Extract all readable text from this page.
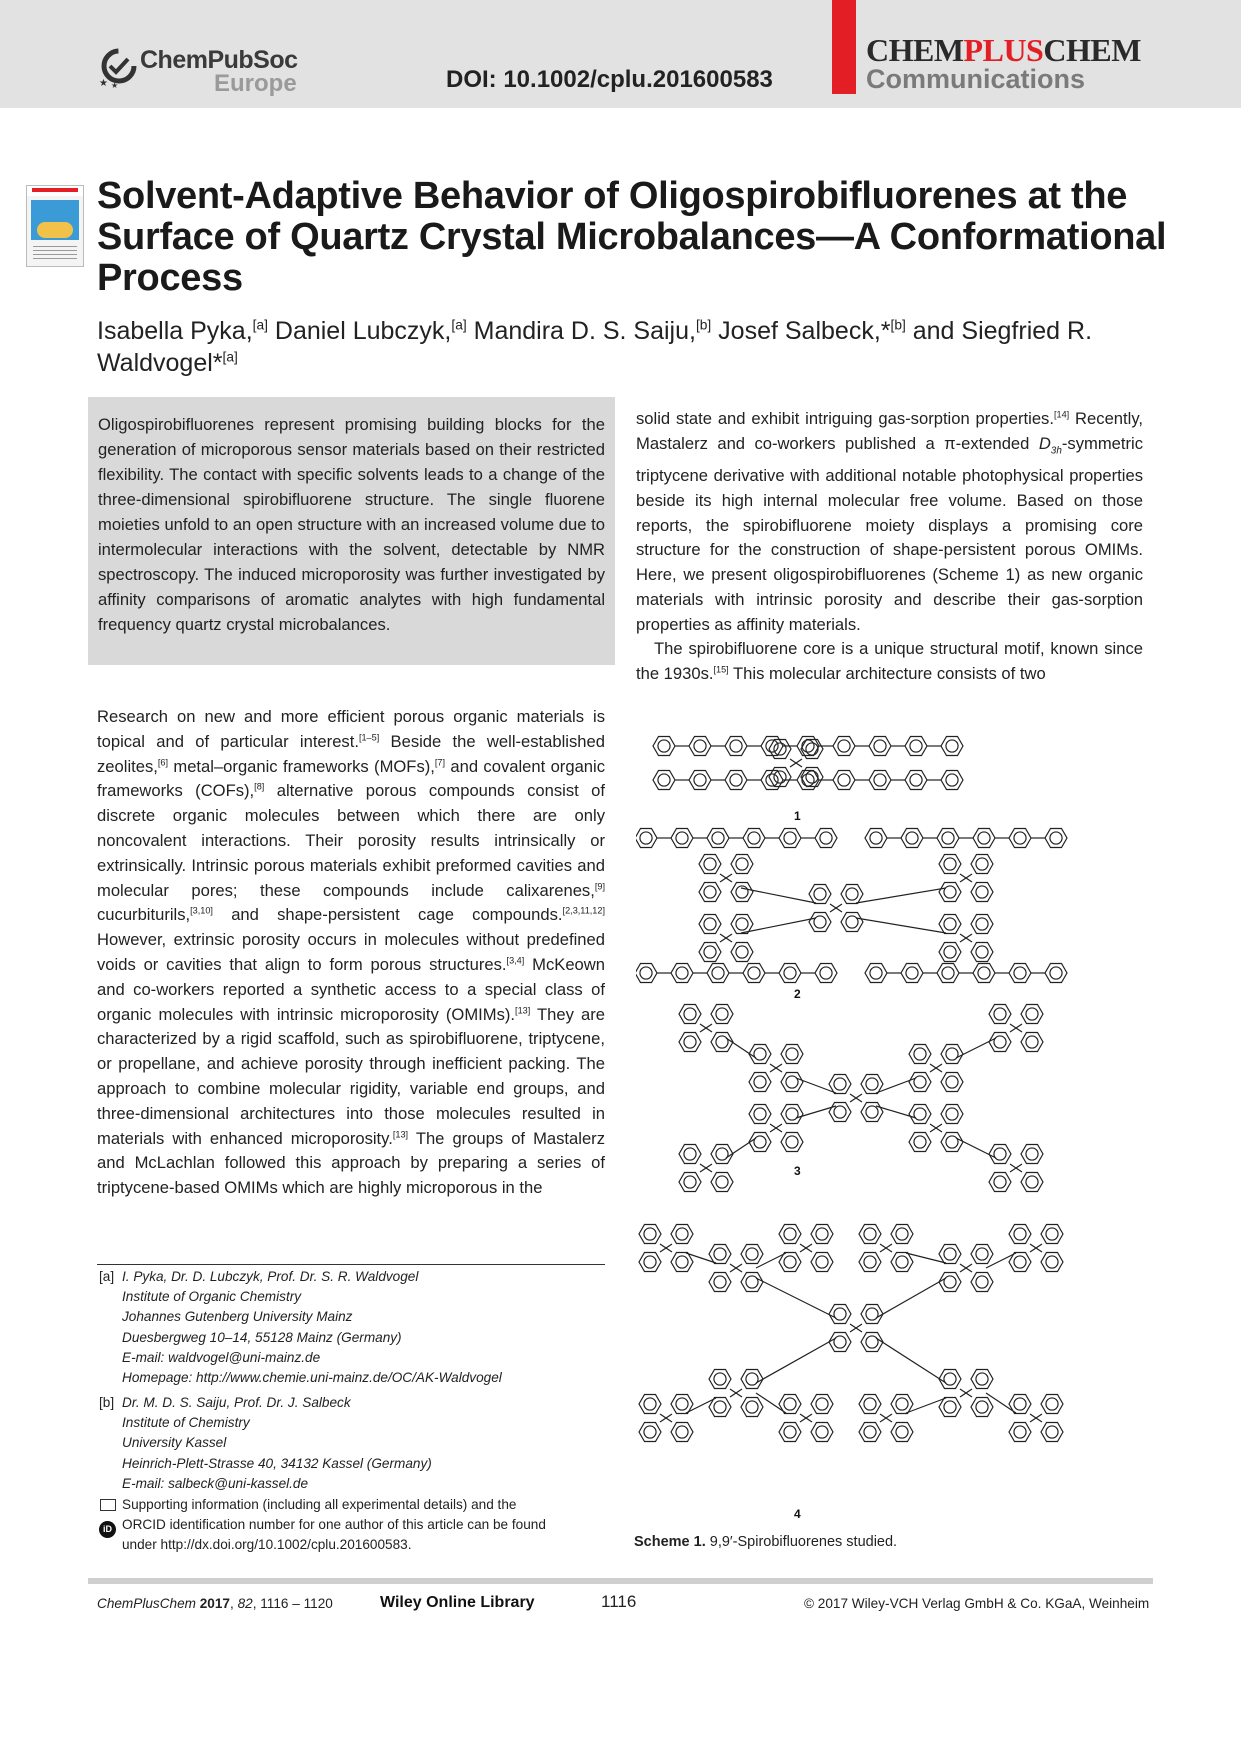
★ ★
ChemPubSoc
Europe	DOI: 10.1002/cplu.201600583
CHEMPLUSCHEM
Communications
Solvent-Adaptive Behavior of Oligospirobifluorenes at the Surface of Quartz Crystal Microbalances—A Conformational Process
Isabella Pyka,[a] Daniel Lubczyk,[a] Mandira D. S. Saiju,[b] Josef Salbeck,*[b] and Siegfried R. Waldvogel*[a]

Oligospirobifluorenes represent promising building blocks for the generation of microporous sensor materials based on their restricted flexibility. The contact with specific solvents leads to a change of the three-dimensional spirobifluorene structure. The single fluorene moieties unfold to an open structure with an increased volume due to intermolecular interactions with the solvent, detectable by NMR spectroscopy. The induced microporosity was further investigated by affinity comparisons of aromatic analytes with high fundamental frequency quartz crystal microbalances.

solid state and exhibit intriguing gas-sorption properties.[14] Recently, Mastalerz and co-workers published a π-extended $D_{3h}$-symmetric triptycene derivative with additional notable photophysical properties beside its high internal molecular free volume. Based on those reports, the spirobifluorene moiety displays a promising core structure for the construction of shape-persistent porous OMIMs. Here, we present oligospirobifluorenes (Scheme 1) as new organic materials with intrinsic porosity and describe their gas-sorption properties as affinity materials.

The spirobifluorene core is a unique structural motif, known since the 1930s.[15] This molecular architecture consists of two

Research on new and more efficient porous organic materials is topical and of particular interest.[1–5] Beside the well-established zeolites,[6] metal–organic frameworks (MOFs),[7] and covalent organic frameworks (COFs),[8] alternative porous compounds consist of discrete organic molecules between which there are only noncovalent interactions. Their porosity results intrinsically or extrinsically. Intrinsic porous materials exhibit preformed cavities and molecular pores; these compounds include calixarenes,[9] cucurbiturils,[3,10] and shape-persistent cage compounds.[2,3,11,12] However, extrinsic porosity occurs in molecules without predefined voids or cavities that align to form porous structures.[3,4] McKeown and co-workers reported a synthetic access to a special class of organic molecules with intrinsic microporosity (OMIMs).[13] They are characterized by a rigid scaffold, such as spirobifluorene, triptycene, or propellane, and achieve porosity through inefficient packing. The approach to combine molecular rigidity, variable end groups, and three-dimensional architectures into those molecules resulted in materials with enhanced microporosity.[13] The groups of Mastalerz and McLachlan followed this approach by preparing a series of triptycene-based OMIMs which are highly microporous in the

[a] I. Pyka, Dr. D. Lubczyk, Prof. Dr. S. R. Waldvogel
Institute of Organic Chemistry
Johannes Gutenberg University Mainz
Duesbergweg 10–14, 55128 Mainz (Germany)
E-mail: waldvogel@uni-mainz.de
Homepage: http://www.chemie.uni-mainz.de/OC/AK-Waldvogel
[b] Dr. M. D. S. Saiju, Prof. Dr. J. Salbeck
Institute of Chemistry
University Kassel
Heinrich-Plett-Strasse 40, 34132 Kassel (Germany)
E-mail: salbeck@uni-kassel.de
iD
Supporting information (including all experimental details) and the
ORCID identification number for one author of this article can be found
under http://dx.doi.org/10.1002/cplu.201600583.
1
2
3
4
Scheme 1. 9,9′-Spirobifluorenes studied.
ChemPlusChem 2017, 82, 1116 – 1120	Wiley Online Library	1116	© 2017 Wiley-VCH Verlag GmbH & Co. KGaA, Weinheim
